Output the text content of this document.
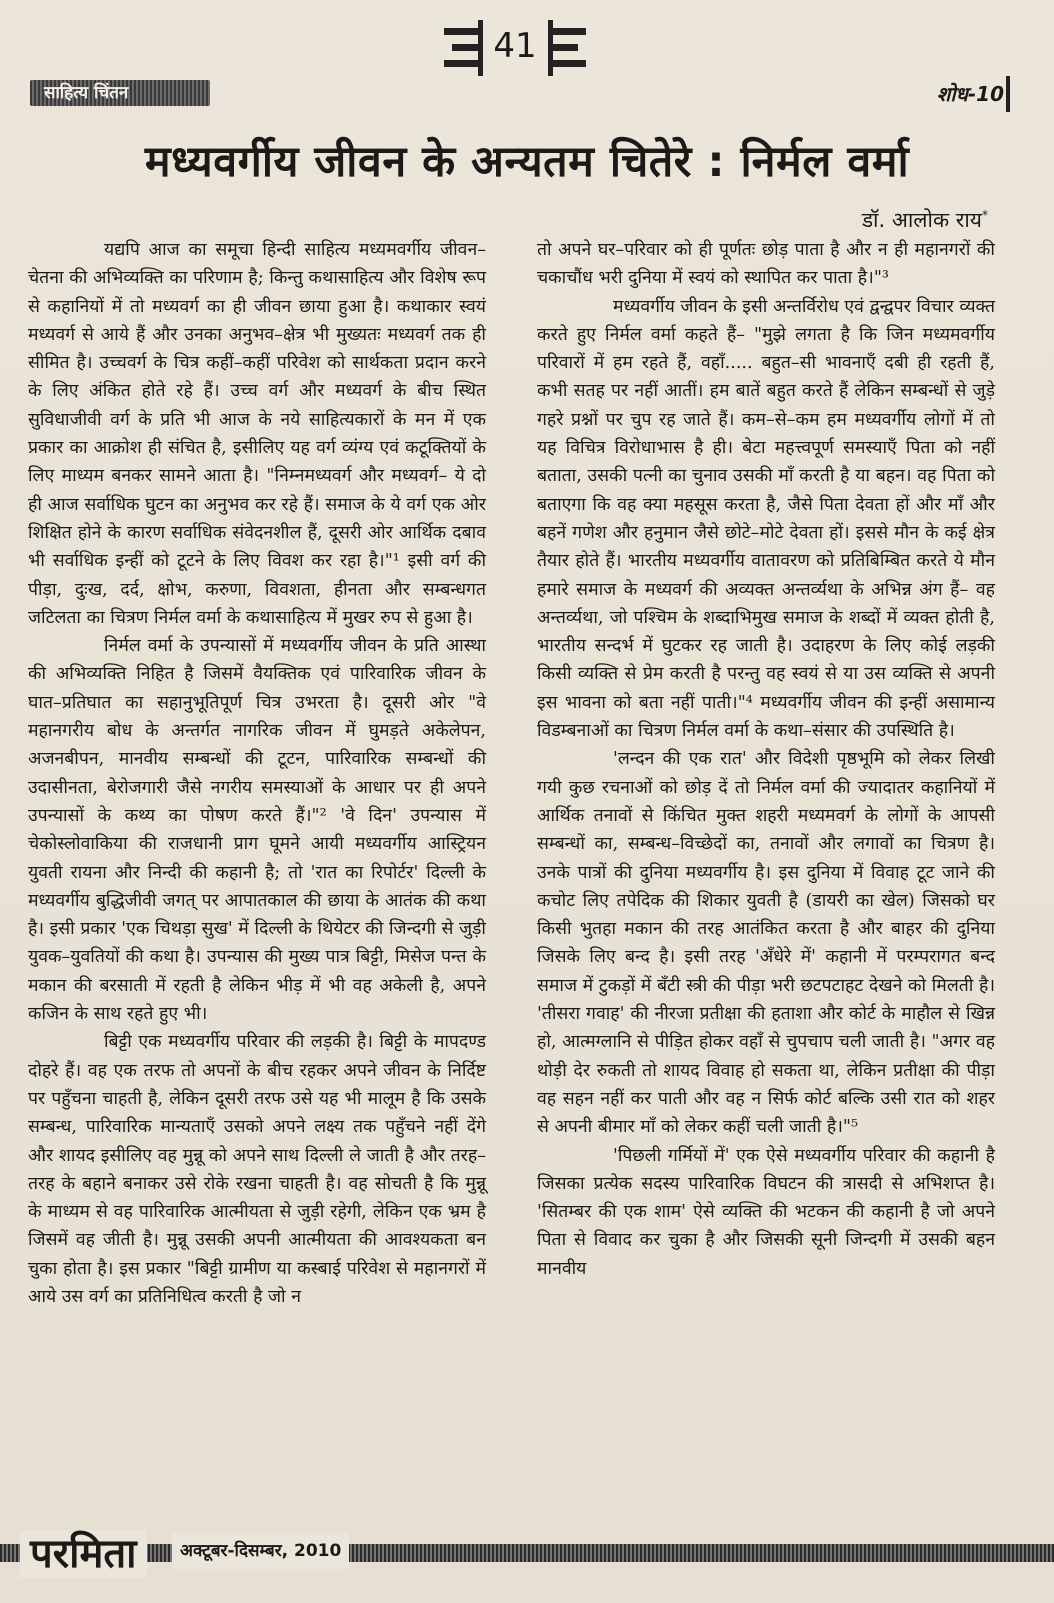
41
साहित्य चिंतन	शोध-10
मध्यवर्गीय जीवन के अन्यतम चितेरे : निर्मल वर्मा
डॉ. आलोक राय*

यद्यपि आज का समूचा हिन्दी साहित्य मध्यमवर्गीय जीवन–चेतना की अभिव्यक्ति का परिणाम है; किन्तु कथासाहित्य और विशेष रूप से कहानियों में तो मध्यवर्ग का ही जीवन छाया हुआ है। कथाकार स्वयं मध्यवर्ग से आये हैं और उनका अनुभव–क्षेत्र भी मुख्यतः मध्यवर्ग तक ही सीमित है। उच्चवर्ग के चित्र कहीं–कहीं परिवेश को सार्थकता प्रदान करने के लिए अंकित होते रहे हैं। उच्च वर्ग और मध्यवर्ग के बीच स्थित सुविधाजीवी वर्ग के प्रति भी आज के नये साहित्यकारों के मन में एक प्रकार का आक्रोश ही संचित है, इसीलिए यह वर्ग व्यंग्य एवं कटूक्तियों के लिए माध्यम बनकर सामने आता है। "निम्नमध्यवर्ग और मध्यवर्ग– ये दो ही आज सर्वाधिक घुटन का अनुभव कर रहे हैं। समाज के ये वर्ग एक ओर शिक्षित होने के कारण सर्वाधिक संवेदनशील हैं, दूसरी ओर आर्थिक दबाव भी सर्वाधिक इन्हीं को टूटने के लिए विवश कर रहा है।"¹ इसी वर्ग की पीड़ा, दुःख, दर्द, क्षोभ, करुणा, विवशता, हीनता और सम्बन्धगत जटिलता का चित्रण निर्मल वर्मा के कथासाहित्य में मुखर रुप से हुआ है।

निर्मल वर्मा के उपन्यासों में मध्यवर्गीय जीवन के प्रति आस्था की अभिव्यक्ति निहित है जिसमें वैयक्तिक एवं पारिवारिक जीवन के घात–प्रतिघात का सहानुभूतिपूर्ण चित्र उभरता है। दूसरी ओर "वे महानगरीय बोध के अन्तर्गत नागरिक जीवन में घुमड़ते अकेलेपन, अजनबीपन, मानवीय सम्बन्धों की टूटन, पारिवारिक सम्बन्धों की उदासीनता, बेरोजगारी जैसे नगरीय समस्याओं के आधार पर ही अपने उपन्यासों के कथ्य का पोषण करते हैं।"² 'वे दिन' उपन्यास में चेकोस्लोवाकिया की राजधानी प्राग घूमने आयी मध्यवर्गीय आस्ट्रियन युवती रायना और निन्दी की कहानी है; तो 'रात का रिपोर्टर' दिल्ली के मध्यवर्गीय बुद्धिजीवी जगत् पर आपातकाल की छाया के आतंक की कथा है। इसी प्रकार 'एक चिथड़ा सुख' में दिल्ली के थियेटर की जिन्दगी से जुड़ी युवक–युवतियों की कथा है। उपन्यास की मुख्य पात्र बिट्टी, मिसेज पन्त के मकान की बरसाती में रहती है लेकिन भीड़ में भी वह अकेली है, अपने कजिन के साथ रहते हुए भी।

बिट्टी एक मध्यवर्गीय परिवार की लड़की है। बिट्टी के मापदण्ड दोहरे हैं। वह एक तरफ तो अपनों के बीच रहकर अपने जीवन के निर्दिष्ट पर पहुँचना चाहती है, लेकिन दूसरी तरफ उसे यह भी मालूम है कि उसके सम्बन्ध, पारिवारिक मान्यताएँ उसको अपने लक्ष्य तक पहुँचने नहीं देंगे और शायद इसीलिए वह मुन्नू को अपने साथ दिल्ली ले जाती है और तरह–तरह के बहाने बनाकर उसे रोके रखना चाहती है। वह सोचती है कि मुन्नू के माध्यम से वह पारिवारिक आत्मीयता से जुड़ी रहेगी, लेकिन एक भ्रम है जिसमें वह जीती है। मुन्नू उसकी अपनी आत्मीयता की आवश्यकता बन चुका होता है। इस प्रकार "बिट्टी ग्रामीण या कस्बाई परिवेश से महानगरों में आये उस वर्ग का प्रतिनिधित्व करती है जो न

तो अपने घर–परिवार को ही पूर्णतः छोड़ पाता है और न ही महानगरों की चकाचौंध भरी दुनिया में स्वयं को स्थापित कर पाता है।"³

मध्यवर्गीय जीवन के इसी अन्तर्विरोध एवं द्वन्द्वपर विचार व्यक्त करते हुए निर्मल वर्मा कहते हैं– "मुझे लगता है कि जिन मध्यमवर्गीय परिवारों में हम रहते हैं, वहाँ..... बहुत–सी भावनाएँ दबी ही रहती हैं, कभी सतह पर नहीं आतीं। हम बातें बहुत करते हैं लेकिन सम्बन्धों से जुड़े गहरे प्रश्नों पर चुप रह जाते हैं। कम–से–कम हम मध्यवर्गीय लोगों में तो यह विचित्र विरोधाभास है ही। बेटा महत्त्वपूर्ण समस्याएँ पिता को नहीं बताता, उसकी पत्नी का चुनाव उसकी माँ करती है या बहन। वह पिता को बताएगा कि वह क्या महसूस करता है, जैसे पिता देवता हों और माँ और बहनें गणेश और हनुमान जैसे छोटे–मोटे देवता हों। इससे मौन के कई क्षेत्र तैयार होते हैं। भारतीय मध्यवर्गीय वातावरण को प्रतिबिम्बित करते ये मौन हमारे समाज के मध्यवर्ग की अव्यक्त अन्तर्व्यथा के अभिन्न अंग हैं– वह अन्तर्व्यथा, जो पश्चिम के शब्दाभिमुख समाज के शब्दों में व्यक्त होती है, भारतीय सन्दर्भ में घुटकर रह जाती है। उदाहरण के लिए कोई लड़की किसी व्यक्ति से प्रेम करती है परन्तु वह स्वयं से या उस व्यक्ति से अपनी इस भावना को बता नहीं पाती।"⁴ मध्यवर्गीय जीवन की इन्हीं असामान्य विडम्बनाओं का चित्रण निर्मल वर्मा के कथा–संसार की उपस्थिति है।

'लन्दन की एक रात' और विदेशी पृष्ठभूमि को लेकर लिखी गयी कुछ रचनाओं को छोड़ दें तो निर्मल वर्मा की ज्यादातर कहानियों में आर्थिक तनावों से किंचित मुक्त शहरी मध्यमवर्ग के लोगों के आपसी सम्बन्धों का, सम्बन्ध–विच्छेदों का, तनावों और लगावों का चित्रण है। उनके पात्रों की दुनिया मध्यवर्गीय है। इस दुनिया में विवाह टूट जाने की कचोट लिए तपेदिक की शिकार युवती है (डायरी का खेल) जिसको घर किसी भुतहा मकान की तरह आतंकित करता है और बाहर की दुनिया जिसके लिए बन्द है। इसी तरह 'अँधेरे में' कहानी में परम्परागत बन्द समाज में टुकड़ों में बँटी स्त्री की पीड़ा भरी छटपटाहट देखने को मिलती है। 'तीसरा गवाह' की नीरजा प्रतीक्षा की हताशा और कोर्ट के माहौल से खिन्न हो, आत्मग्लानि से पीड़ित होकर वहाँ से चुपचाप चली जाती है। "अगर वह थोड़ी देर रुकती तो शायद विवाह हो सकता था, लेकिन प्रतीक्षा की पीड़ा वह सहन नहीं कर पाती और वह न सिर्फ कोर्ट बल्कि उसी रात को शहर से अपनी बीमार माँ को लेकर कहीं चली जाती है।"⁵

'पिछली गर्मियों में' एक ऐसे मध्यवर्गीय परिवार की कहानी है जिसका प्रत्येक सदस्य पारिवारिक विघटन की त्रासदी से अभिशप्त है। 'सितम्बर की एक शाम' ऐसे व्यक्ति की भटकन की कहानी है जो अपने पिता से विवाद कर चुका है और जिसकी सूनी जिन्दगी में उसकी बहन मानवीय

परमिता	अक्टूबर-दिसम्बर, 2010
